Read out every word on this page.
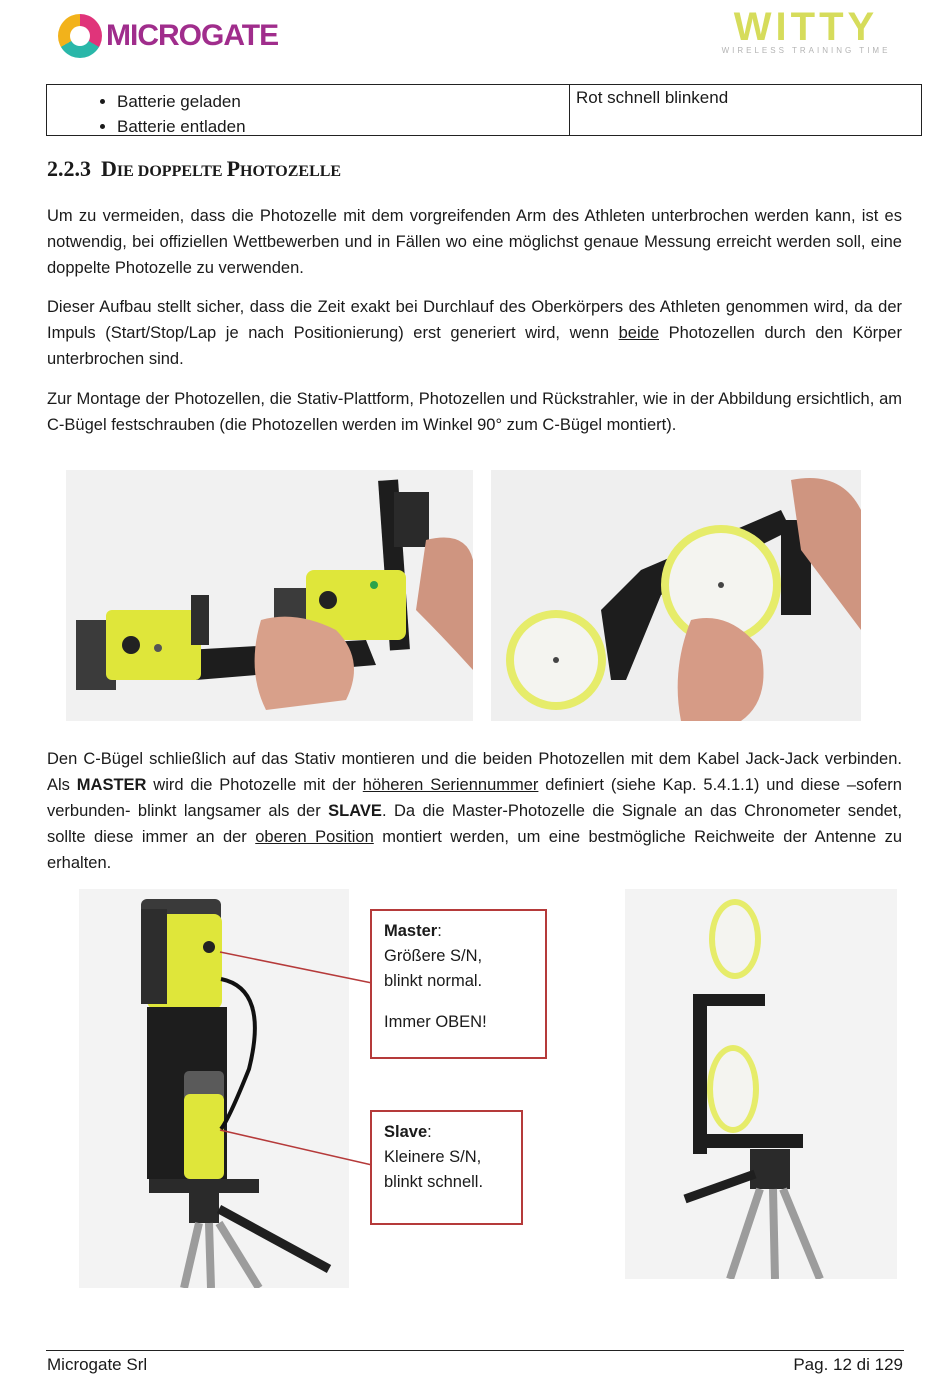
MICROGATE	WITTY
WIRELESS TRAINING TIME
• Batterie geladen
• Batterie entladen
Rot schnell blinkend
2.2.3 DIE DOPPELTE PHOTOZELLE
Um zu vermeiden, dass die Photozelle mit dem vorgreifenden Arm des Athleten unterbrochen werden kann, ist es notwendig, bei offiziellen Wettbewerben und in Fällen wo eine möglichst genaue Messung erreicht werden soll, eine doppelte Photozelle zu verwenden.
Dieser Aufbau stellt sicher, dass die Zeit exakt bei Durchlauf des Oberkörpers des Athleten genommen wird, da der Impuls (Start/Stop/Lap je nach Positionierung) erst generiert wird, wenn beide Photozellen durch den Körper unterbrochen sind.
Zur Montage der Photozellen, die Stativ-Plattform, Photozellen und Rückstrahler, wie in der Abbildung ersichtlich, am C-Bügel festschrauben (die Photozellen werden im Winkel 90° zum C-Bügel montiert).
Den C-Bügel schließlich auf das Stativ montieren und die beiden Photozellen mit dem Kabel Jack-Jack verbinden. Als MASTER wird die Photozelle mit der höheren Seriennummer definiert (siehe Kap. 5.4.1.1) und diese –sofern verbunden- blinkt langsamer als der SLAVE. Da die Master-Photozelle die Signale an das Chronometer sendet, sollte diese immer an der oberen Position montiert werden, um eine bestmögliche Reichweite der Antenne zu erhalten.
Master:
Größere S/N,
blinkt normal.
Immer OBEN!
Slave:
Kleinere S/N,
blinkt schnell.
Microgate Srl	Pag. 12 di 129
